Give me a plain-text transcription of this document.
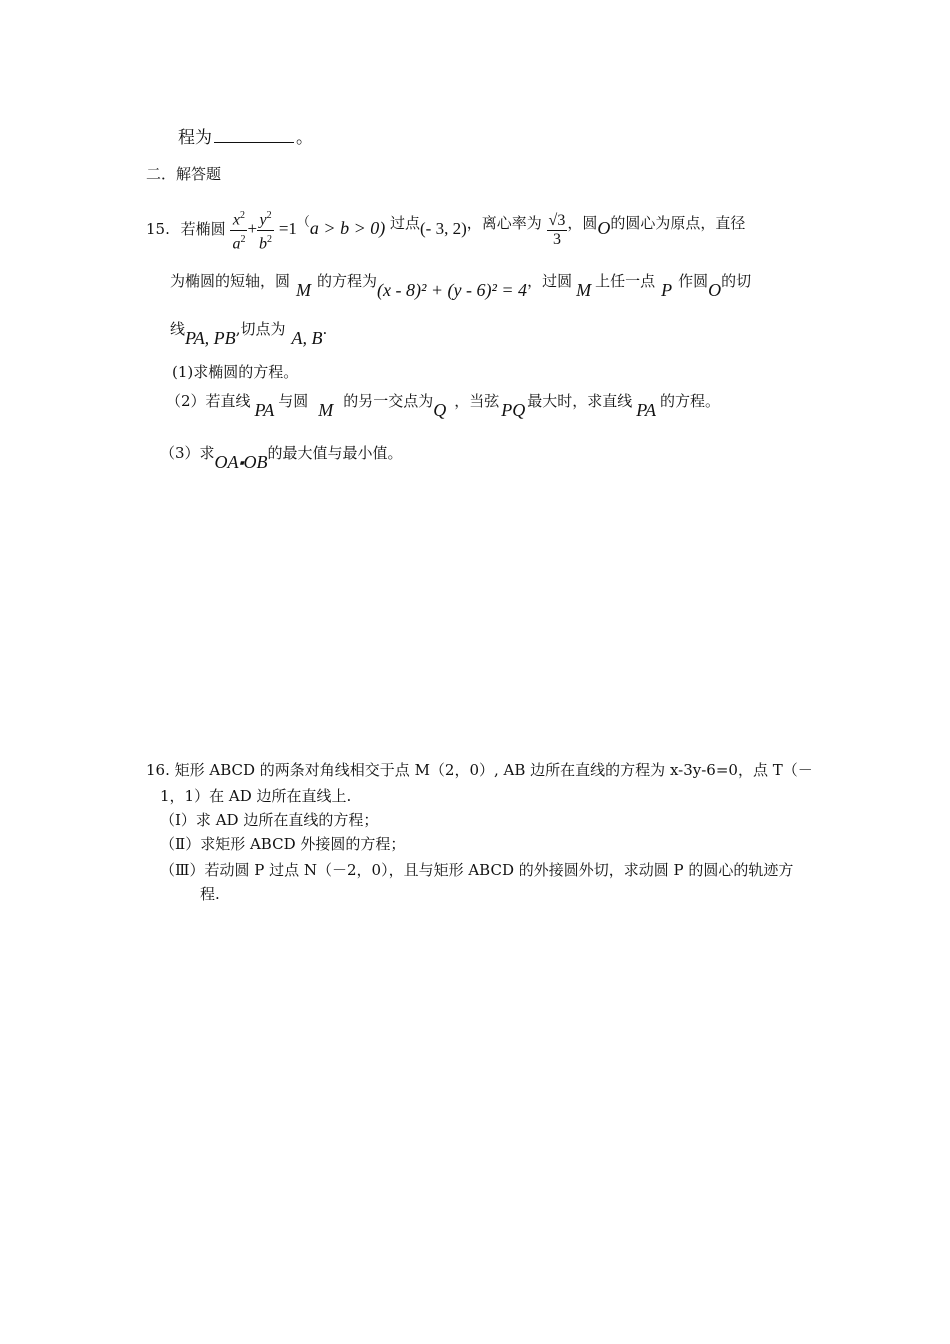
程为	。
二．解答题
15. 若椭圆 $\frac{x^2}{a^2} + \frac{y^2}{b^2} =1(a > b > 0)$ 过点(- 3, 2)，离心率为 $\frac{√3}{3}$ ，圆O的圆心为原点，直径
为椭圆的短轴，圆 M 的方程为(x - 8)² + (y - 6)² = 4，过圆 M 上任一点 P 作圆O的切
线PA, PB,切点为 A, B.
(1)求椭圆的方程。
（2）若直线 PA 与圆 M 的另一交点为Q ，当弦 PQ 最大时，求直线 PA 的方程。
（3）求OA⬝OB的最大值与最小值。
16. 矩形 ABCD 的两条对角线相交于点 M（2，0）, AB 边所在直线的方程为 x-3y-6=0，点 T（－
1，1）在 AD 边所在直线上.
（Ⅰ）求 AD 边所在直线的方程；
（Ⅱ）求矩形 ABCD 外接圆的方程；
（Ⅲ）若动圆 P 过点 N（－2，0），且与矩形 ABCD 的外接圆外切，求动圆 P 的圆心的轨迹方
程.
